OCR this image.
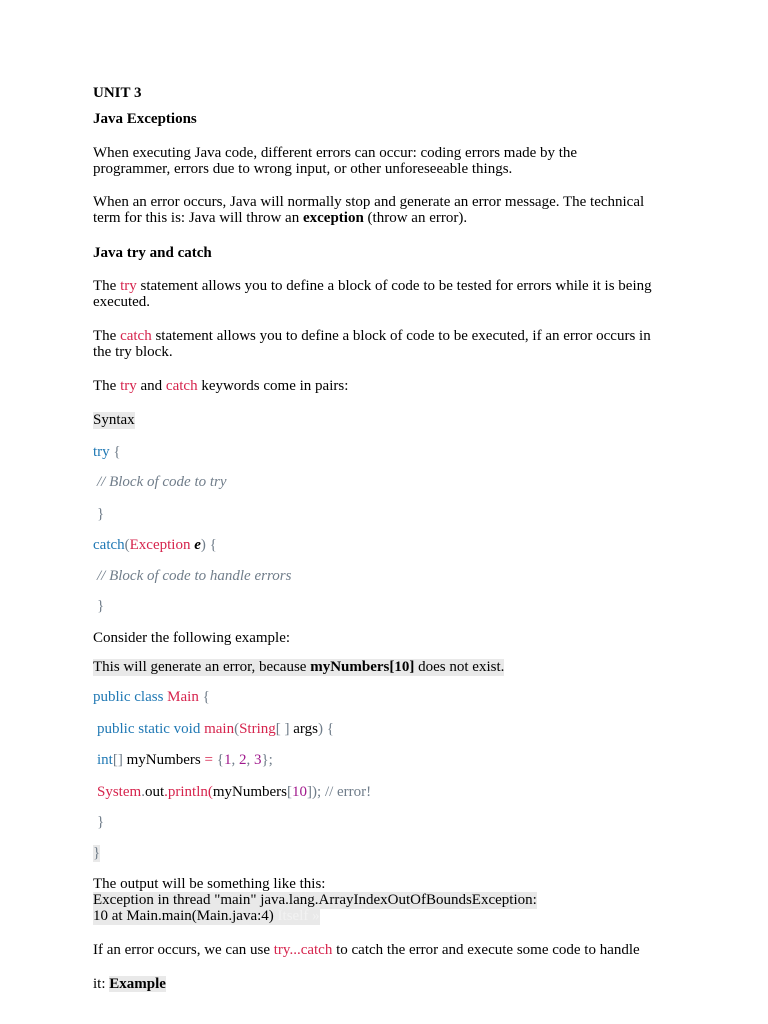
UNIT 3
Java Exceptions
When executing Java code, different errors can occur: coding errors made by the
programmer, errors due to wrong input, or other unforeseeable things.
When an error occurs, Java will normally stop and generate an error message. The technical
term for this is: Java will throw an exception (throw an error).
Java try and catch
The try statement allows you to define a block of code to be tested for errors while it is being
executed.
The catch statement allows you to define a block of code to be executed, if an error occurs in
the try block.
The try and catch keywords come in pairs:
Syntax
try {
// Block of code to try
}
catch(Exception e) {
// Block of code to handle errors
}
Consider the following example:
This will generate an error, because myNumbers[10] does not exist.
public class Main {
public static void main(String[ ] args) {
int[] myNumbers = {1, 2, 3};
System.out.println(myNumbers[10]); // error!
}
}
The output will be something like this:
Exception in thread "main" java.lang.ArrayIndexOutOfBoundsException:
10 at Main.main(Main.java:4) Itself »
If an error occurs, we can use try...catch to catch the error and execute some code to handle
it: Example
